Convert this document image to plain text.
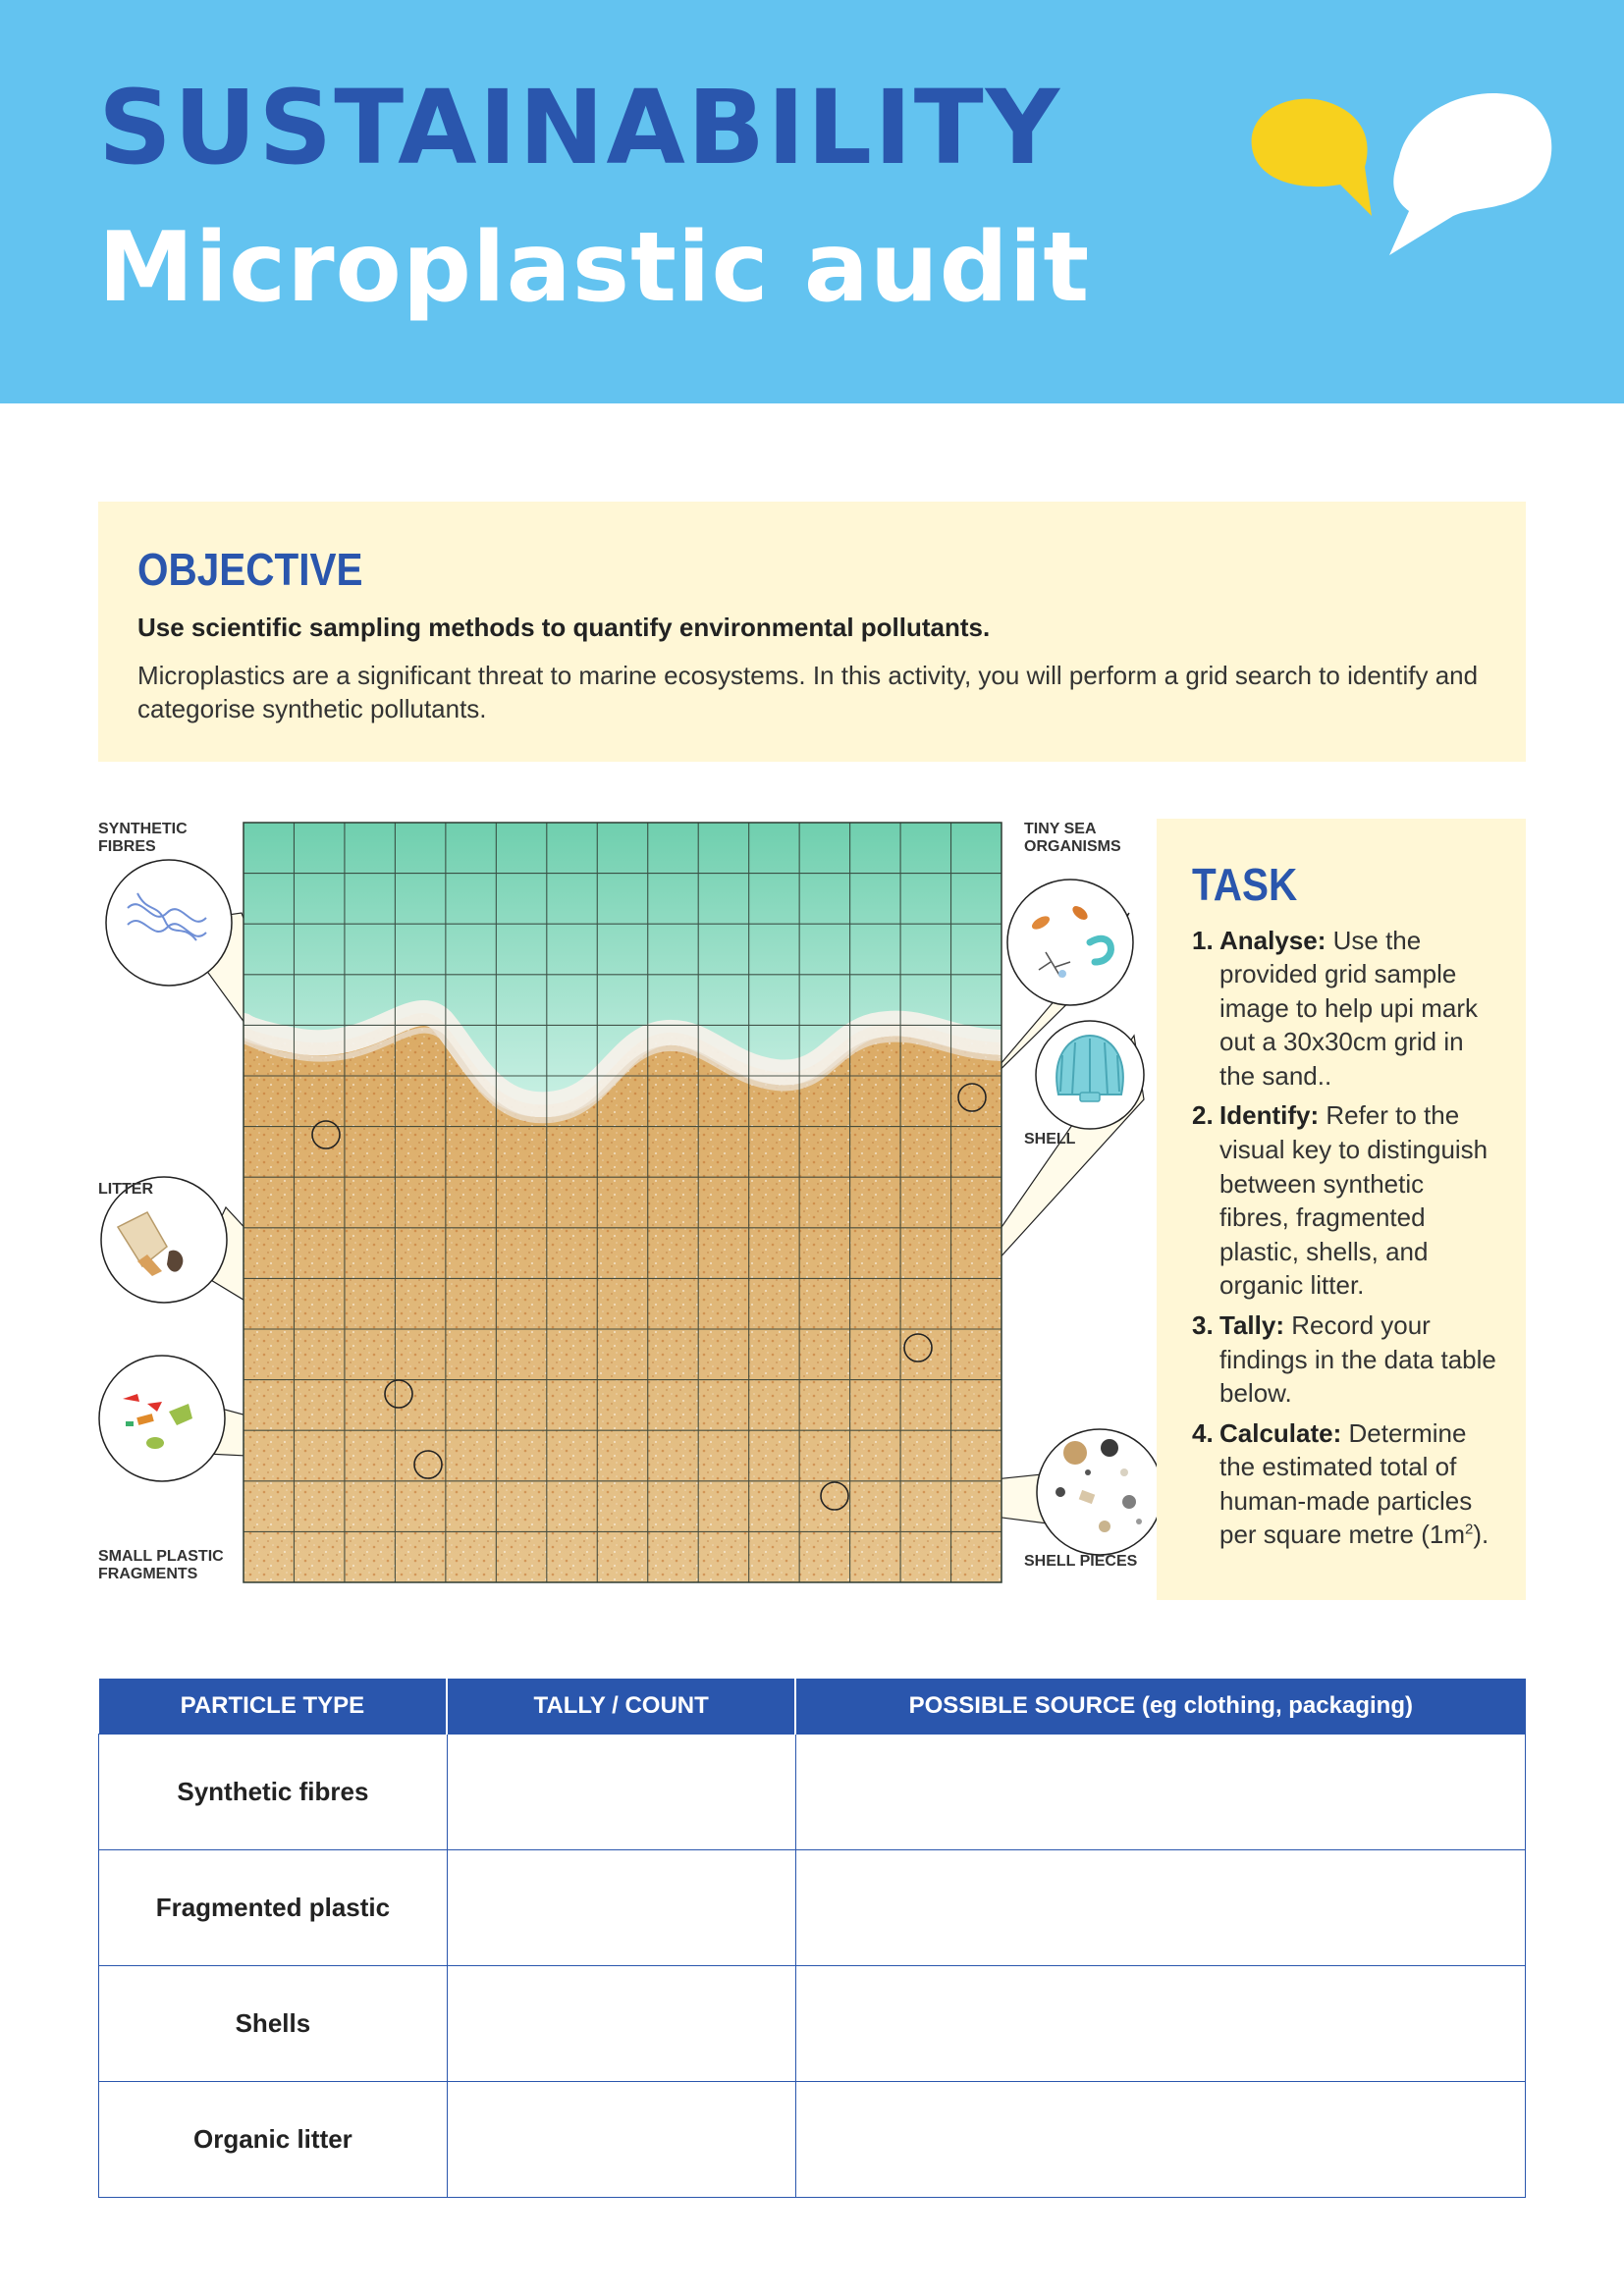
SUSTAINABILITY
Microplastic audit
OBJECTIVE
Use scientific sampling methods to quantify environmental pollutants.
Microplastics are a significant threat to marine ecosystems. In this activity, you will perform a grid search to identify and categorise synthetic pollutants.
SYNTHETIC FIBRES
TINY SEA ORGANISMS
SHELL
LITTER
SMALL PLASTIC FRAGMENTS
SHELL PIECES
TASK
1. Analyse: Use the provided grid sample image to help upi mark out a 30x30cm grid in the sand..
2. Identify: Refer to the visual key to distinguish between synthetic fibres, fragmented plastic, shells, and organic litter.
3. Tally: Record your findings in the data table below.
4. Calculate: Determine the estimated total of human-made particles per square metre $(1m^2)$.
PARTICLE TYPE	TALLY / COUNT	POSSIBLE SOURCE (eg clothing, packaging)
Synthetic fibres		
Fragmented plastic		
Shells		
Organic litter		
